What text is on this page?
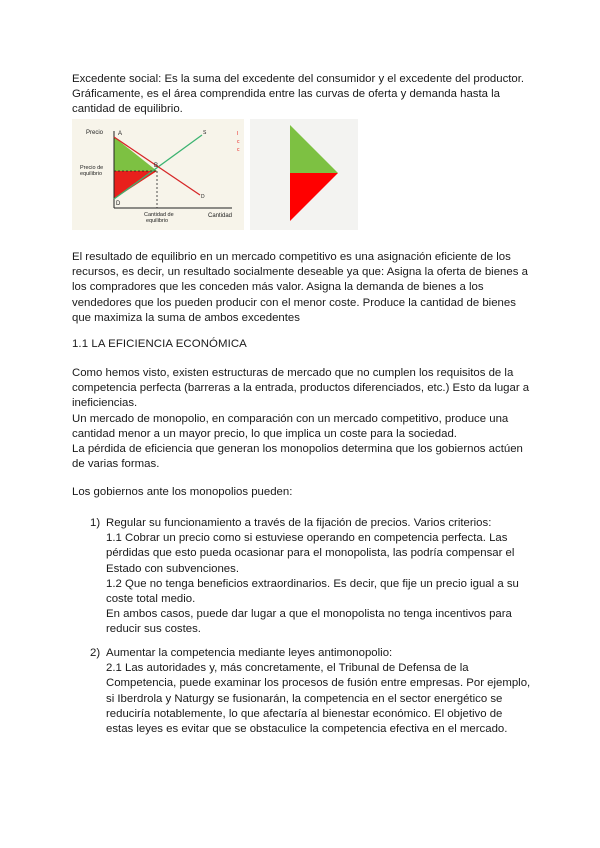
Excedente social: Es la suma del excedente del consumidor y el excedente del productor. Gráficamente, es el área comprendida entre las curvas de oferta y demanda hasta la cantidad de equilibrio.

Precio
Cantidad
Precio de
equilibrio
Cantidad de
equilibrio
A
B
D
S
D
I
c
c

El resultado de equilibrio en un mercado competitivo es una asignación eficiente de los recursos, es decir, un resultado socialmente deseable ya que: Asigna la oferta de bienes a los compradores que les conceden más valor. Asigna la demanda de bienes a los vendedores que los pueden producir con el menor coste. Produce la cantidad de bienes que maximiza la suma de ambos excedentes

1.1 LA EFICIENCIA ECONÓMICA

Como hemos visto, existen estructuras de mercado que no cumplen los requisitos de la competencia perfecta (barreras a la entrada, productos diferenciados, etc.) Esto da lugar a ineficiencias.

Un mercado de monopolio, en comparación con un mercado competitivo, produce una cantidad menor a un mayor precio, lo que implica un coste para la sociedad.

La pérdida de eficiencia que generan los monopolios determina que los gobiernos actúen de varias formas.

Los gobiernos ante los monopolios pueden:

1) Regular su funcionamiento a través de la fijación de precios. Varios criterios:

1.1 Cobrar un precio como si estuviese operando en competencia perfecta. Las pérdidas que esto pueda ocasionar para el monopolista, las podría compensar el Estado con subvenciones.

1.2 Que no tenga beneficios extraordinarios. Es decir, que fije un precio igual a su coste total medio.

En ambos casos, puede dar lugar a que el monopolista no tenga incentivos para reducir sus costes.

2) Aumentar la competencia mediante leyes antimonopolio:

2.1 Las autoridades y, más concretamente, el Tribunal de Defensa de la Competencia, puede examinar los procesos de fusión entre empresas. Por ejemplo, si Iberdrola y Naturgy se fusionarán, la competencia en el sector energético se reduciría notablemente, lo que afectaría al bienestar económico. El objetivo de estas leyes es evitar que se obstaculice la competencia efectiva en el mercado.
